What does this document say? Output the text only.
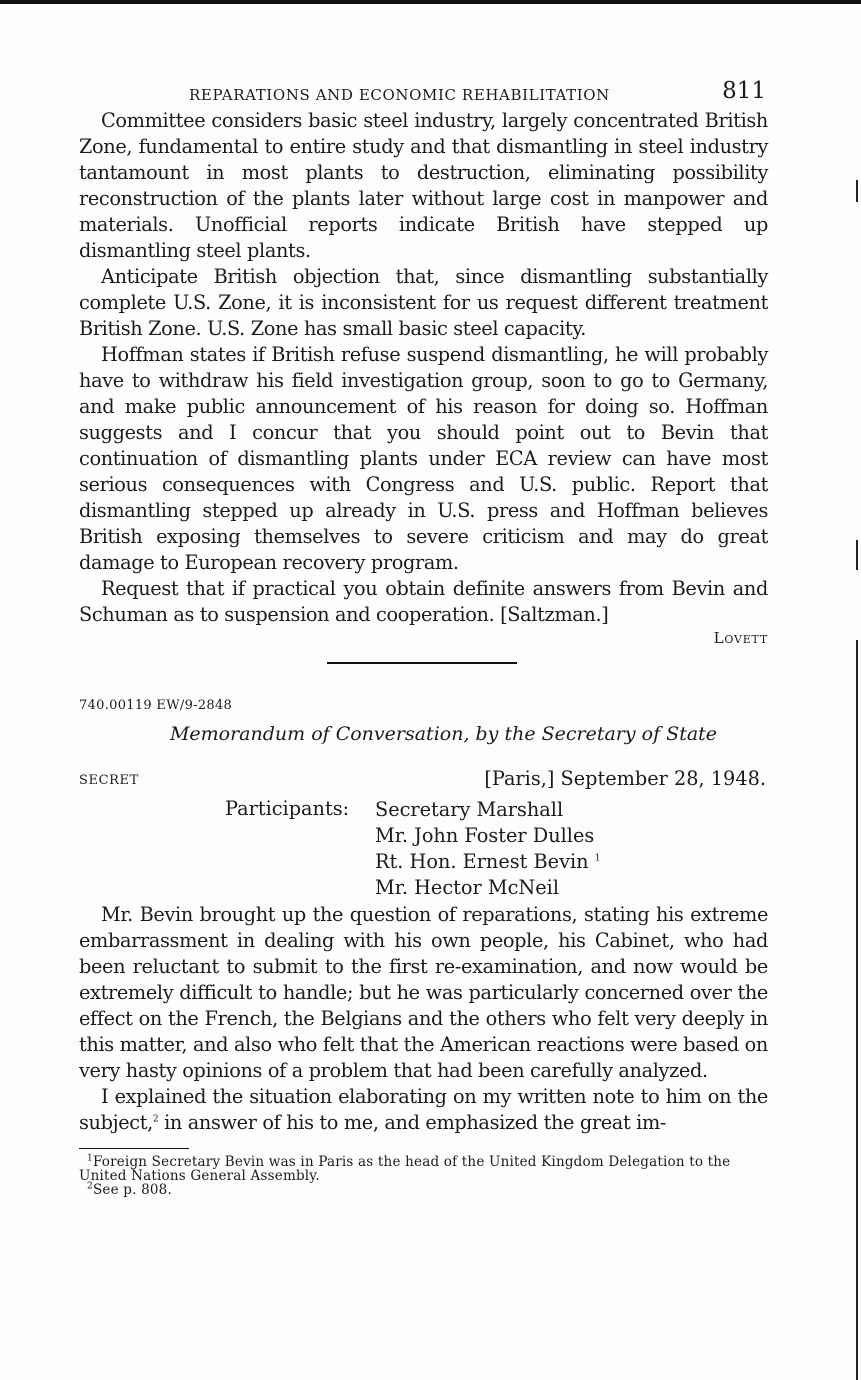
REPARATIONS AND ECONOMIC REHABILITATION	811

Committee considers basic steel industry, largely concentrated British Zone, fundamental to entire study and that dismantling in steel industry tantamount in most plants to destruction, eliminating possibility reconstruction of the plants later without large cost in manpower and materials. Unofficial reports indicate British have stepped up dismantling steel plants.

Anticipate British objection that, since dismantling substantially complete U.S. Zone, it is inconsistent for us request different treatment British Zone. U.S. Zone has small basic steel capacity.

Hoffman states if British refuse suspend dismantling, he will probably have to withdraw his field investigation group, soon to go to Germany, and make public announcement of his reason for doing so. Hoffman suggests and I concur that you should point out to Bevin that continuation of dismantling plants under ECA review can have most serious consequences with Congress and U.S. public. Report that dismantling stepped up already in U.S. press and Hoffman believes British exposing themselves to severe criticism and may do great damage to European recovery program.

Request that if practical you obtain definite answers from Bevin and Schuman as to suspension and cooperation. [Saltzman.]

Lovett
740.00119 EW/9-2848
Memorandum of Conversation, by the Secretary of State
SECRET	[Paris,] September 28, 1948.
Participants: Secretary Marshall
Mr. John Foster Dulles
Rt. Hon. Ernest Bevin $^1$
Mr. Hector McNeil

Mr. Bevin brought up the question of reparations, stating his extreme embarrassment in dealing with his own people, his Cabinet, who had been reluctant to submit to the first re-examination, and now would be extremely difficult to handle; but he was particularly concerned over the effect on the French, the Belgians and the others who felt very deeply in this matter, and also who felt that the American reactions were based on very hasty opinions of a problem that had been carefully analyzed.

I explained the situation elaborating on my written note to him on the subject,$^2$ in answer of his to me, and emphasized the great im-

$^1$Foreign Secretary Bevin was in Paris as the head of the United Kingdom Delegation to the United Nations General Assembly.
$^2$See p. 808.
